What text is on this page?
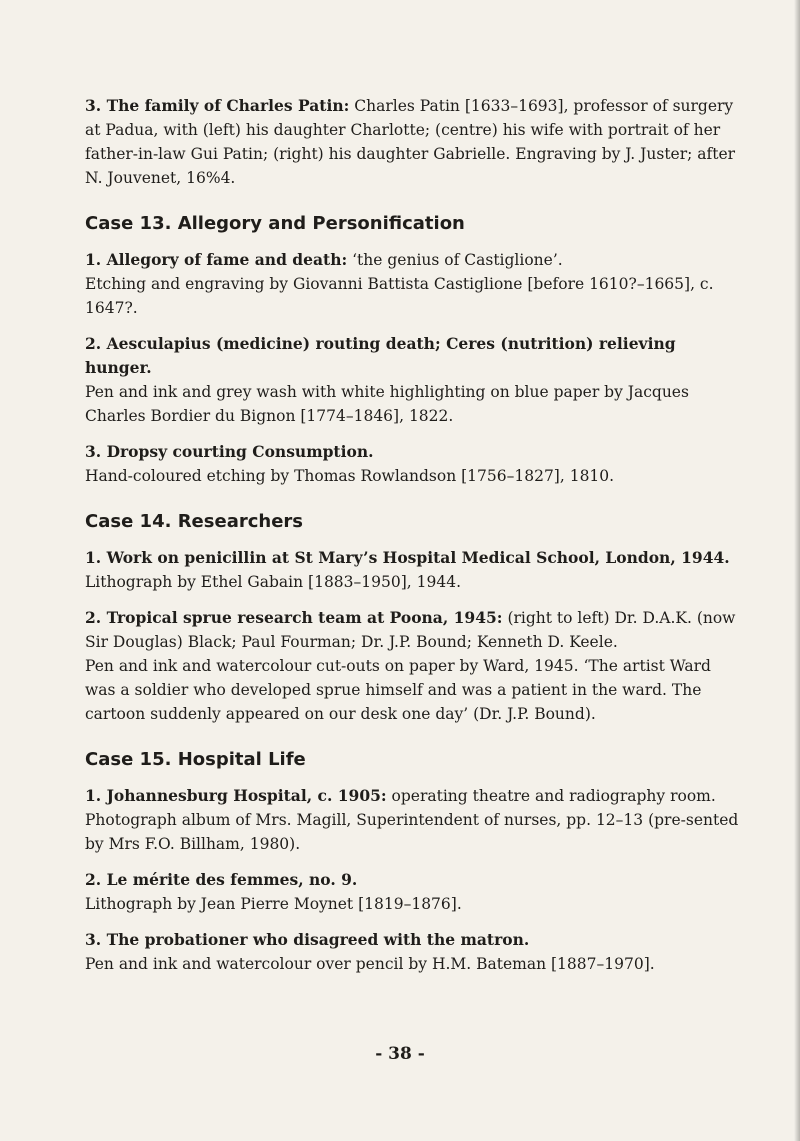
3. The family of Charles Patin: Charles Patin [1633–1693], professor of surgery at Padua, with (left) his daughter Charlotte; (centre) his wife with portrait of her father-in-law Gui Patin; (right) his daughter Gabrielle. Engraving by J. Juster; after N. Jouvenet, 16%4.

Case 13. Allegory and Personification

1. Allegory of fame and death: ‘the genius of Castiglione’.

Etching and engraving by Giovanni Battista Castiglione [before 1610?–1665], c. 1647?.

2. Aesculapius (medicine) routing death; Ceres (nutrition) relieving hunger.

Pen and ink and grey wash with white highlighting on blue paper by Jacques Charles Bordier du Bignon [1774–1846], 1822.

3. Dropsy courting Consumption.

Hand-coloured etching by Thomas Rowlandson [1756–1827], 1810.

Case 14. Researchers

1. Work on penicillin at St Mary’s Hospital Medical School, London, 1944.

Lithograph by Ethel Gabain [1883–1950], 1944.

2. Tropical sprue research team at Poona, 1945: (right to left) Dr. D.A.K. (now Sir Douglas) Black; Paul Fourman; Dr. J.P. Bound; Kenneth D. Keele.

Pen and ink and watercolour cut-outs on paper by Ward, 1945. ‘The artist Ward was a soldier who developed sprue himself and was a patient in the ward. The cartoon suddenly appeared on our desk one day’ (Dr. J.P. Bound).

Case 15. Hospital Life

1. Johannesburg Hospital, c. 1905: operating theatre and radiography room.

Photograph album of Mrs. Magill, Superintendent of nurses, pp. 12–13 (pre-sented by Mrs F.O. Billham, 1980).

2. Le mérite des femmes, no. 9.

Lithograph by Jean Pierre Moynet [1819–1876].

3. The probationer who disagreed with the matron.

Pen and ink and watercolour over pencil by H.M. Bateman [1887–1970].

- 38 -
